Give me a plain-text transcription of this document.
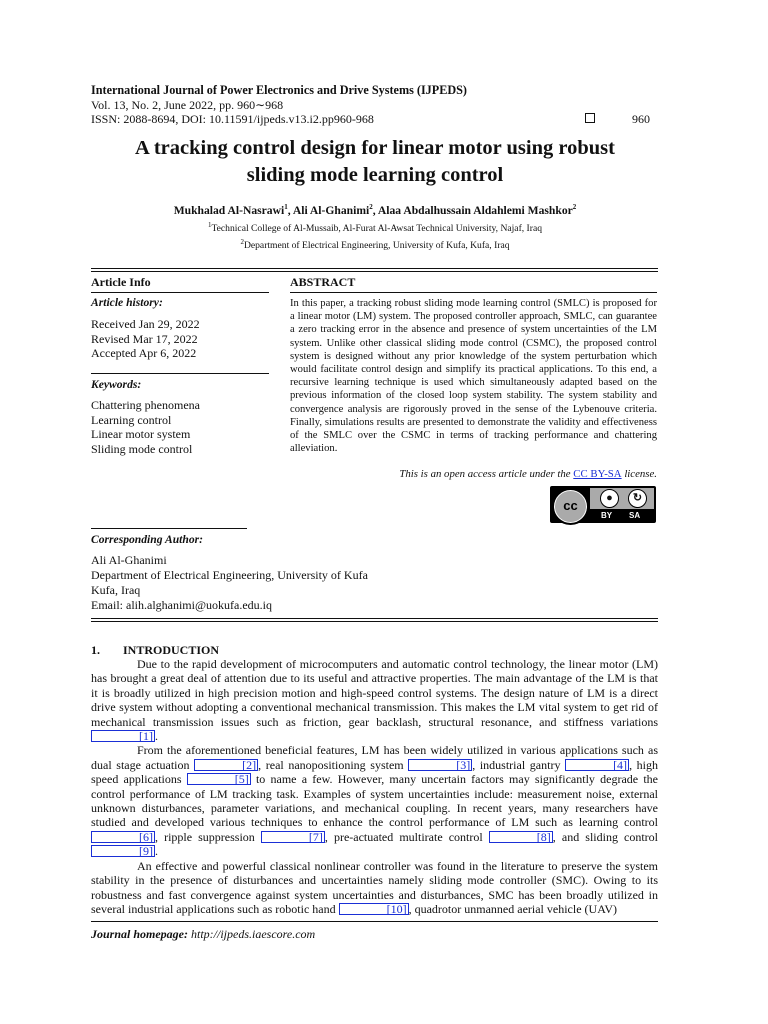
International Journal of Power Electronics and Drive Systems (IJPEDS)
Vol. 13, No. 2, June 2022, pp. 960∼968
ISSN: 2088-8694, DOI: 10.11591/ijpeds.v13.i2.pp960-968	960
A tracking control design for linear motor using robust
sliding mode learning control
Mukhalad Al-Nasrawi$^1$, Ali Al-Ghanimi$^2$, Alaa Abdalhussain Aldahlemi Mashkor$^2$
$^1$Technical College of Al-Mussaib, Al-Furat Al-Awsat Technical University, Najaf, Iraq
$^2$Department of Electrical Engineering, University of Kufa, Kufa, Iraq
Article Info
Article history:
Received Jan 29, 2022
Revised Mar 17, 2022
Accepted Apr 6, 2022
Keywords:
Chattering phenomena
Learning control
Linear motor system
Sliding mode control
ABSTRACT
In this paper, a tracking robust sliding mode learning control (SMLC) is proposed for a linear motor (LM) system. The proposed controller approach, SMLC, can guarantee a zero tracking error in the absence and presence of system uncertainties of the LM system. Unlike other classical sliding mode control (CSMC), the proposed control system is designed without any prior knowledge of the system perturbation which would facilitate control design and simplify its practical applications. To this end, a recursive learning technique is used which simultaneously adapted based on the previous information of the closed loop system stability. The system stability and convergence analysis are rigorously proved in the sense of the Lybenouve criteria. Finally, simulations results are presented to demonstrate the validity and effectiveness of the SMLC over the CSMC in terms of tracking performance and chattering alleviation.
This is an open access article under the CC BY-SA license.
cc	●	↻
BY SA
Corresponding Author:
Ali Al-Ghanimi
Department of Electrical Engineering, University of Kufa
Kufa, Iraq
Email: alih.alghanimi@uokufa.edu.iq
1. INTRODUCTION

Due to the rapid development of microcomputers and automatic control technology, the linear motor (LM) has brought a great deal of attention due to its useful and attractive properties. The main advantage of the LM is that it is broadly utilized in high precision motion and high-speed control systems. The design nature of LM is a direct drive system without adopting a conventional mechanical transmission. This makes the LM vital system to get rid of mechanical transmission issues such as friction, gear backlash, structural resonance, and stiffness variations [1] .

From the aforementioned beneficial features, LM has been widely utilized in various applications such as dual stage actuation	[2] , real nanopositioning system	[3] , industrial gantry	[4] , high speed applications	[5] to name a few. However, many uncertain factors may significantly degrade the control performance of LM tracking task. Examples of system uncertainties include: measurement noise, external unknown disturbances, parameter variations, and mechanical coupling. In recent years, many researchers have studied and developed various techniques to enhance the control performance of LM such as learning control [6] , ripple suppression	[7] , pre-actuated multirate control	[8] , and sliding control [9] .

An effective and powerful classical nonlinear controller was found in the literature to preserve the system stability in the presence of disturbances and uncertainties namely sliding mode controller (SMC). Owing to its robustness and fast convergence against system uncertainties and disturbances, SMC has been broadly utilized in several industrial applications such as robotic hand	[10] , quadrotor unmanned aerial vehicle (UAV)

Journal homepage: http://ijpeds.iaescore.com
